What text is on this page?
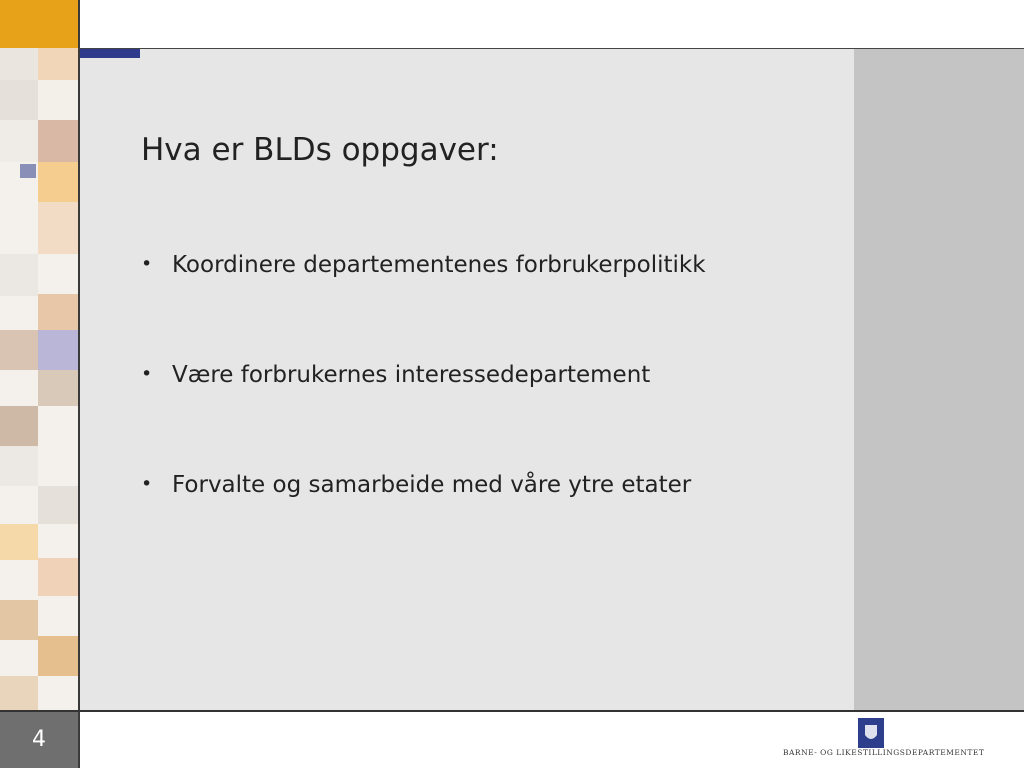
Hva er BLDs oppgaver:
• Koordinere departementenes forbrukerpolitikk
• Være forbrukernes interessedepartement
• Forvalte og samarbeide med våre ytre etater
4
BARNE- OG LIKESTILLINGSDEPARTEMENTET
